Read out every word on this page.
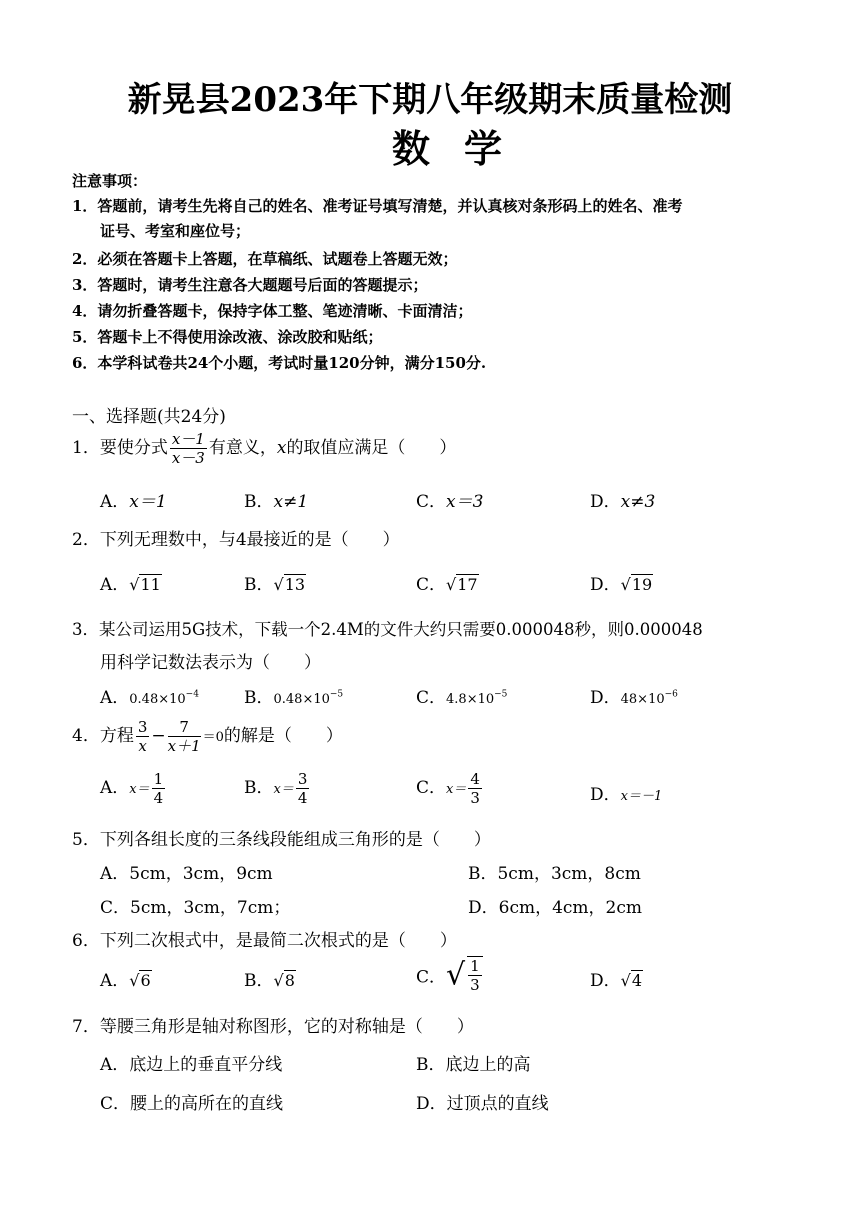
新晃县2023年下期八年级期末质量检测
数学
注意事项：
1．答题前，请考生先将自己的姓名、准考证号填写清楚，并认真核对条形码上的姓名、准考
证号、考室和座位号；
2．必须在答题卡上答题，在草稿纸、试题卷上答题无效；
3．答题时，请考生注意各大题题号后面的答题提示；
4．请勿折叠答题卡，保持字体工整、笔迹清晰、卡面清洁；
5．答题卡上不得使用涂改液、涂改胶和贴纸；
6．本学科试卷共24个小题，考试时量120分钟，满分150分.
一、选择题(共24分)
1．要使分式 $\frac{x-1}{x-3}$ 有意义，x的取值应满足（　　）
A．x＝1	B．x≠1	C．x＝3	D．x≠3
2．下列无理数中，与4最接近的是（　　）
A．√11	B．√13	C．√17	D．√19
3．某公司运用5G技术，下载一个2.4M的文件大约只需要0.000048秒，则0.000048
用科学记数法表示为（　　）
A．$0.48\times 10^{-4}$	B．$0.48\times 10^{-5}$	C．$4.8\times 10^{-5}$	D．$48\times 10^{-6}$
4．方程 $\frac{3}{x} - \frac{7}{x+1} =0$的解是（　　）
A．$x= \frac{1}{4}$	B．$x= \frac{3}{4}$	C．$x= \frac{4}{3}$	D．x＝－1
5．下列各组长度的三条线段能组成三角形的是（　　）
A．5cm，3cm，9cm	B．5cm，3cm，8cm
C．5cm，3cm，7cm；	D．6cm，4cm，2cm
6．下列二次根式中，是最简二次根式的是（　　）
A．√6	B．√8	C．√ $\frac{1}{3}$	D．√4
7．等腰三角形是轴对称图形，它的对称轴是（　　）
A．底边上的垂直平分线	B．底边上的高
C．腰上的高所在的直线	D．过顶点的直线
